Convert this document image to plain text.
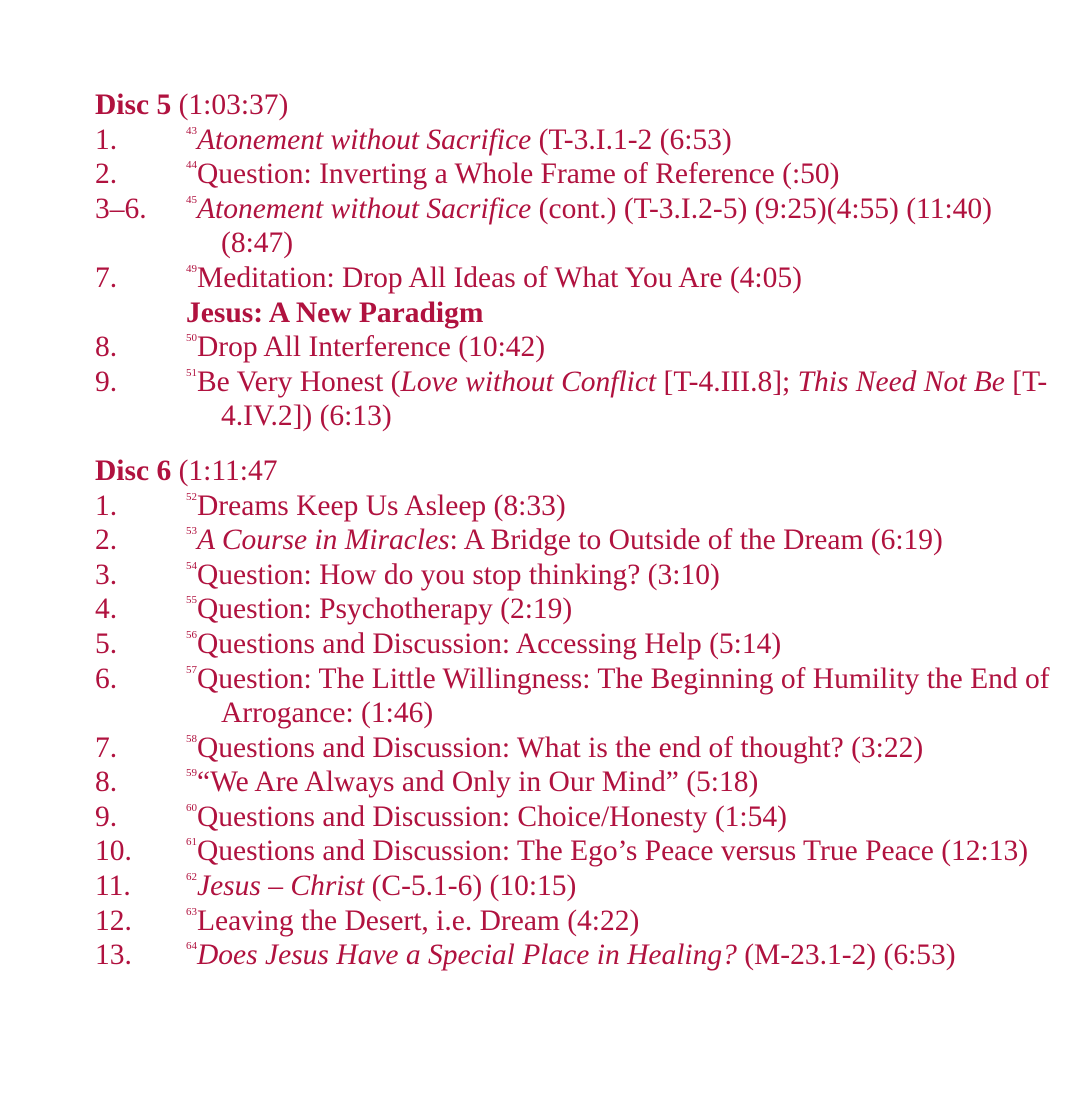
Disc 5 (1:03:37)
1.	$^{43}$Atonement without Sacrifice (T-3.I.1-2 (6:53)
2.	$^{44}$Question: Inverting a Whole Frame of Reference (:50)
3–6.	$^{45}$Atonement without Sacrifice (cont.) (T-3.I.2-5) (9:25)(4:55) (11:40)(8:47)
7.	$^{49}$Meditation: Drop All Ideas of What You Are (4:05)
Jesus: A New Paradigm
8.	$^{50}$Drop All Interference (10:42)
9.	$^{51}$Be Very Honest (Love without Conflict [T-4.III.8]; This Need Not Be [T-4.IV.2]) (6:13)
Disc 6 (1:11:47
1.	$^{52}$Dreams Keep Us Asleep (8:33)
2.	$^{53}$A Course in Miracles: A Bridge to Outside of the Dream (6:19)
3.	$^{54}$Question: How do you stop thinking? (3:10)
4.	$^{55}$Question: Psychotherapy (2:19)
5.	$^{56}$Questions and Discussion: Accessing Help (5:14)
6.	$^{57}$Question: The Little Willingness: The Beginning of Humility the End of Arrogance: (1:46)
7.	$^{58}$Questions and Discussion: What is the end of thought? (3:22)
8.	$^{59}$“We Are Always and Only in Our Mind” (5:18)
9.	$^{60}$Questions and Discussion: Choice/Honesty (1:54)
10.	$^{61}$Questions and Discussion: The Ego’s Peace versus True Peace (12:13)
11.	$^{62}$Jesus – Christ (C-5.1-6) (10:15)
12.	$^{63}$Leaving the Desert, i.e. Dream (4:22)
13.	$^{64}$Does Jesus Have a Special Place in Healing? (M-23.1-2) (6:53)
